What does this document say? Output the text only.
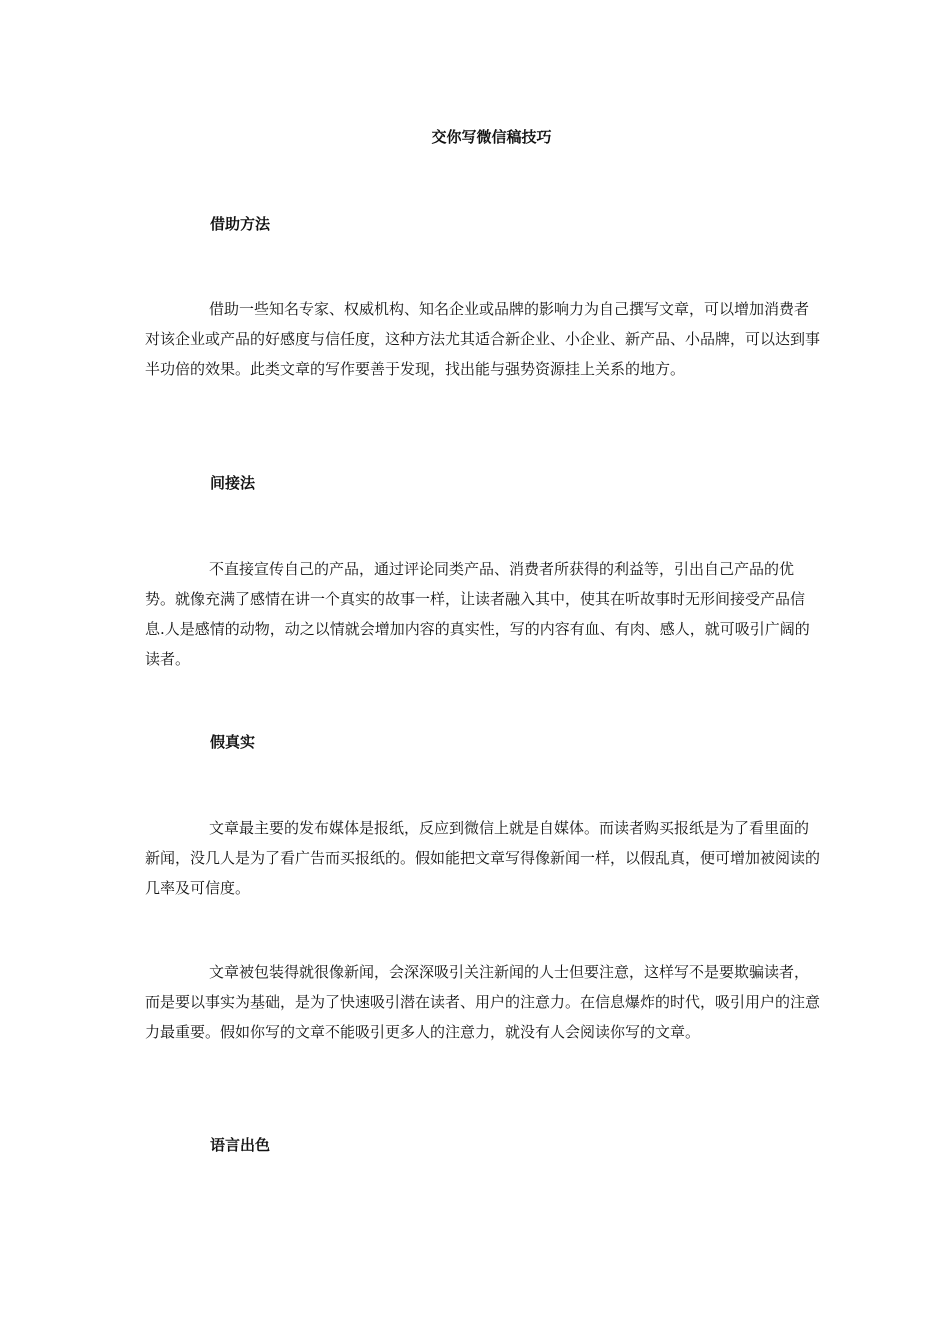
交你写微信稿技巧
借助方法
借助一些知名专家、权威机构、知名企业或品牌的影响力为自己撰写文章，可以增加消费者对该企业或产品的好感度与信任度，这种方法尤其适合新企业、小企业、新产品、小品牌，可以达到事半功倍的效果。此类文章的写作要善于发现，找出能与强势资源挂上关系的地方。
间接法
不直接宣传自己的产品，通过评论同类产品、消费者所获得的利益等，引出自己产品的优势。就像充满了感情在讲一个真实的故事一样，让读者融入其中，使其在听故事时无形间接受产品信息.人是感情的动物，动之以情就会增加内容的真实性，写的内容有血、有肉、感人，就可吸引广阔的读者。
假真实
文章最主要的发布媒体是报纸，反应到微信上就是自媒体。而读者购买报纸是为了看里面的新闻，没几人是为了看广告而买报纸的。假如能把文章写得像新闻一样，以假乱真，便可增加被阅读的几率及可信度。
文章被包装得就很像新闻，会深深吸引关注新闻的人士但要注意，这样写不是要欺骗读者，而是要以事实为基础，是为了快速吸引潜在读者、用户的注意力。在信息爆炸的时代，吸引用户的注意力最重要。假如你写的文章不能吸引更多人的注意力，就没有人会阅读你写的文章。
语言出色
